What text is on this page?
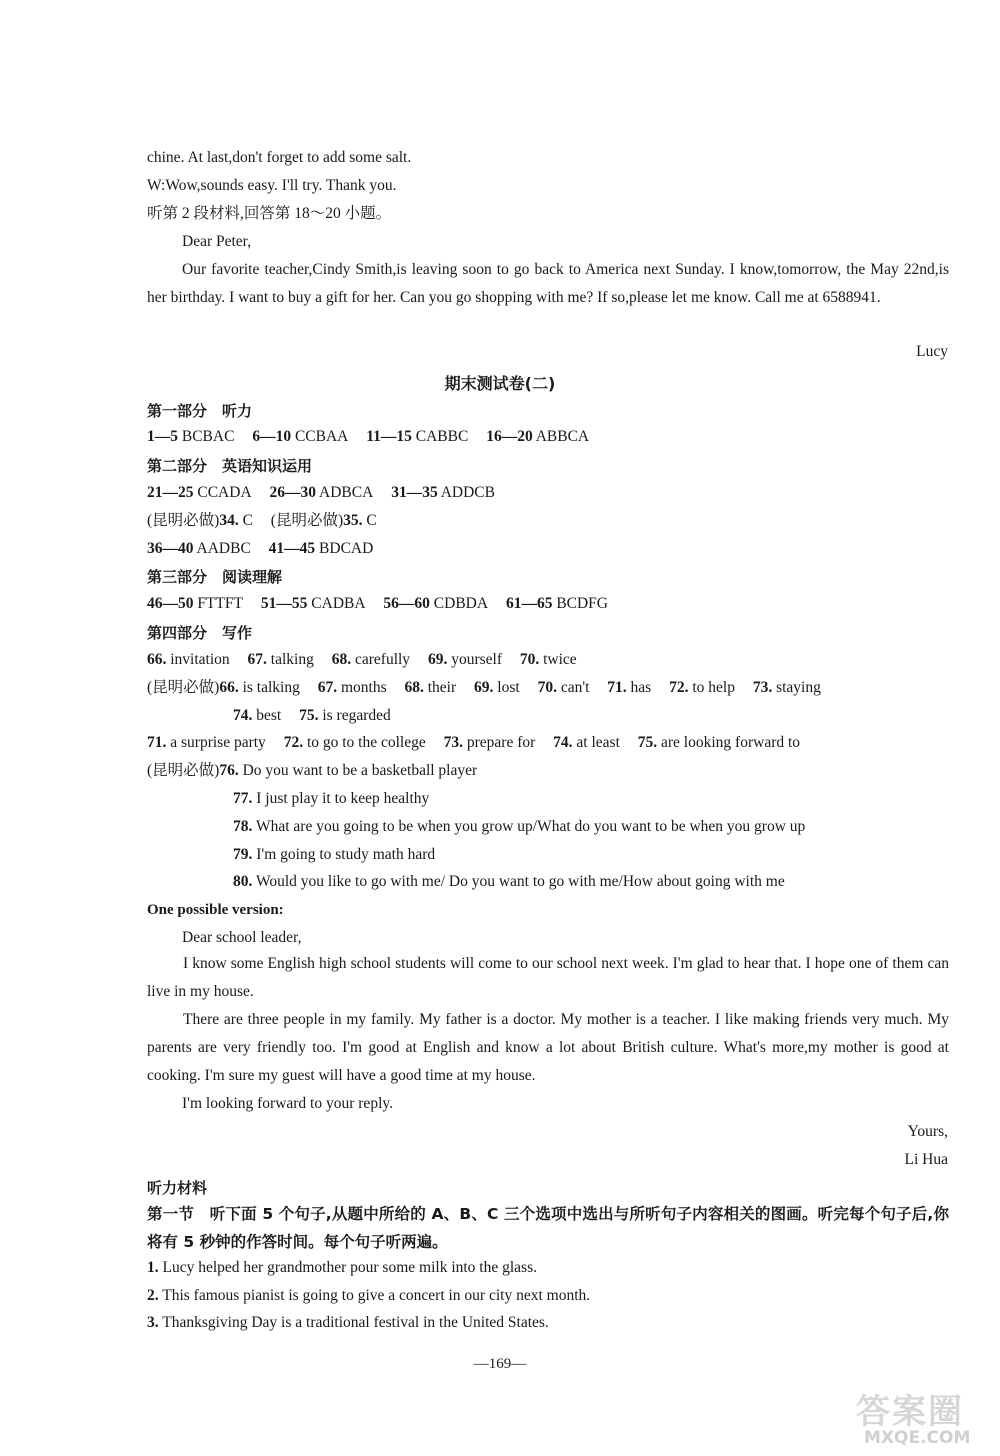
chine. At last,don't forget to add some salt.
W:Wow,sounds easy. I'll try. Thank you.
听第 2 段材料,回答第 18～20 小题。
Dear Peter,
Our favorite teacher,Cindy Smith,is leaving soon to go back to America next Sunday. I know,tomorrow, the May 22nd,is her birthday. I want to buy a gift for her. Can you go shopping with me? If so,please let me know. Call me at 6588941.
Lucy
期末测试卷(二)
第一部分　听力
1—5 BCBAC 6—10 CCBAA 11—15 CABBC 16—20 ABBCA
第二部分　英语知识运用
21—25 CCADA 26—30 ADBCA 31—35 ADDCB
(昆明必做)34. C (昆明必做)35. C
36—40 AADBC 41—45 BDCAD
第三部分　阅读理解
46—50 FTTFT 51—55 CADBA 56—60 CDBDA 61—65 BCDFG
第四部分　写作
66. invitation 67. talking 68. carefully 69. yourself 70. twice
(昆明必做)66. is talking 67. months 68. their 69. lost 70. can't 71. has 72. to help 73. staying
74. best 75. is regarded
71. a surprise party 72. to go to the college 73. prepare for 74. at least 75. are looking forward to
(昆明必做)76. Do you want to be a basketball player
77. I just play it to keep healthy
78. What are you going to be when you grow up/What do you want to be when you grow up
79. I'm going to study math hard
80. Would you like to go with me/ Do you want to go with me/How about going with me
One possible version:
Dear school leader,
I know some English high school students will come to our school next week. I'm glad to hear that. I hope one of them can live in my house.
There are three people in my family. My father is a doctor. My mother is a teacher. I like making friends very much. My parents are very friendly too. I'm good at English and know a lot about British culture. What's more,my mother is good at cooking. I'm sure my guest will have a good time at my house.
I'm looking forward to your reply.
Yours,
Li Hua
听力材料
第一节　听下面 5 个句子,从题中所给的 A、B、C 三个选项中选出与所听句子内容相关的图画。听完每个句子后,你将有 5 秒钟的作答时间。每个句子听两遍。
1. Lucy helped her grandmother pour some milk into the glass.
2. This famous pianist is going to give a concert in our city next month.
3. Thanksgiving Day is a traditional festival in the United States.
—169—
答案圈
MXQE.COM
